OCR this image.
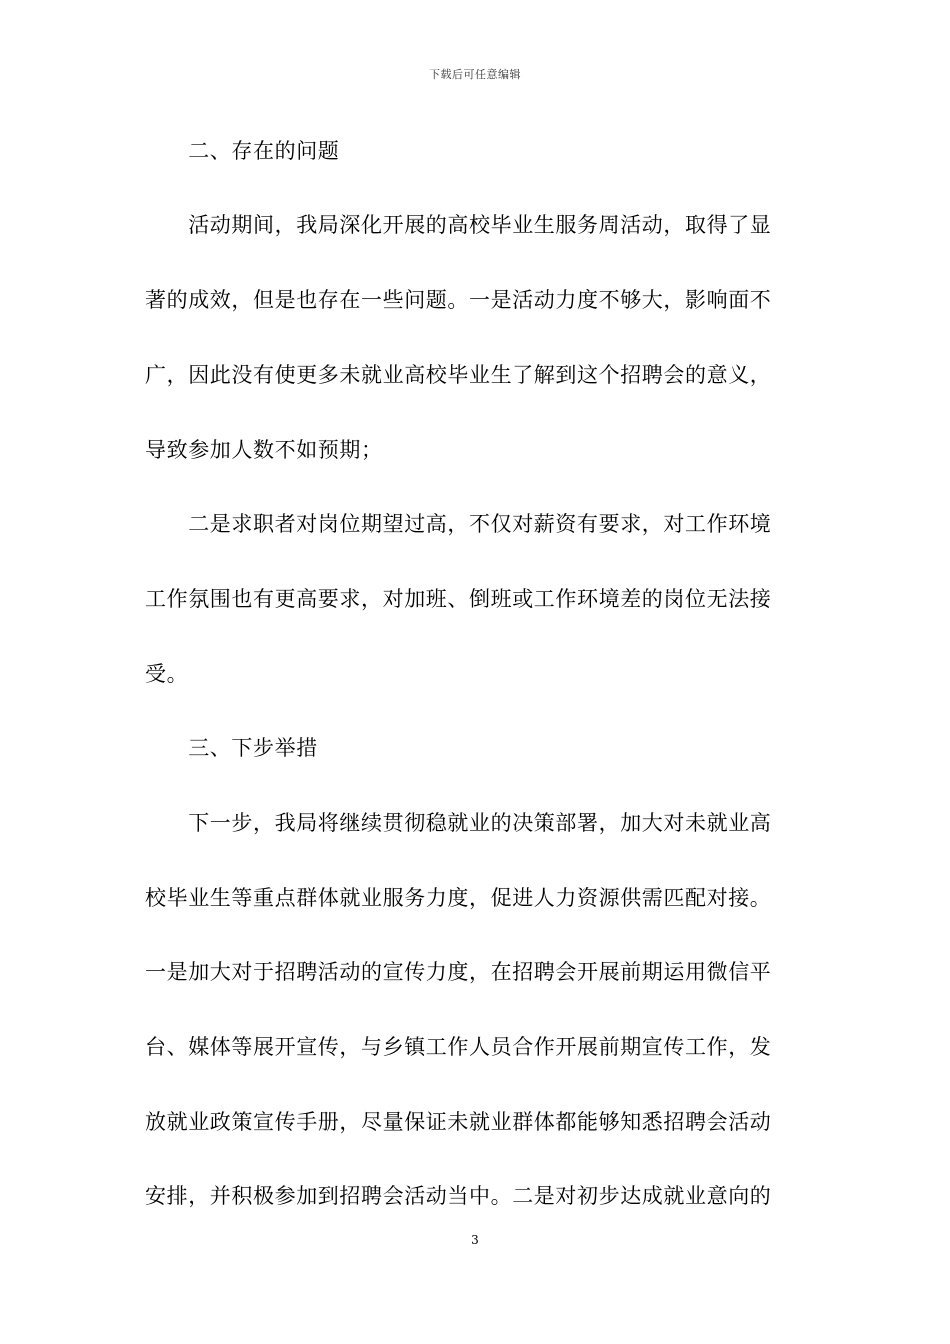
下载后可任意编辑
　　二、存在的问题
　　活动期间，我局深化开展的高校毕业生服务周活动，取得了显
著的成效，但是也存在一些问题。一是活动力度不够大，影响面不
广，因此没有使更多未就业高校毕业生了解到这个招聘会的意义，
导致参加人数不如预期；
　　二是求职者对岗位期望过高，不仅对薪资有要求，对工作环境
工作氛围也有更高要求，对加班、倒班或工作环境差的岗位无法接
受。
　　三、下步举措
　　下一步，我局将继续贯彻稳就业的决策部署，加大对未就业高
校毕业生等重点群体就业服务力度，促进人力资源供需匹配对接。
一是加大对于招聘活动的宣传力度，在招聘会开展前期运用微信平
台、媒体等展开宣传，与乡镇工作人员合作开展前期宣传工作，发
放就业政策宣传手册，尽量保证未就业群体都能够知悉招聘会活动
安排，并积极参加到招聘会活动当中。二是对初步达成就业意向的
3
